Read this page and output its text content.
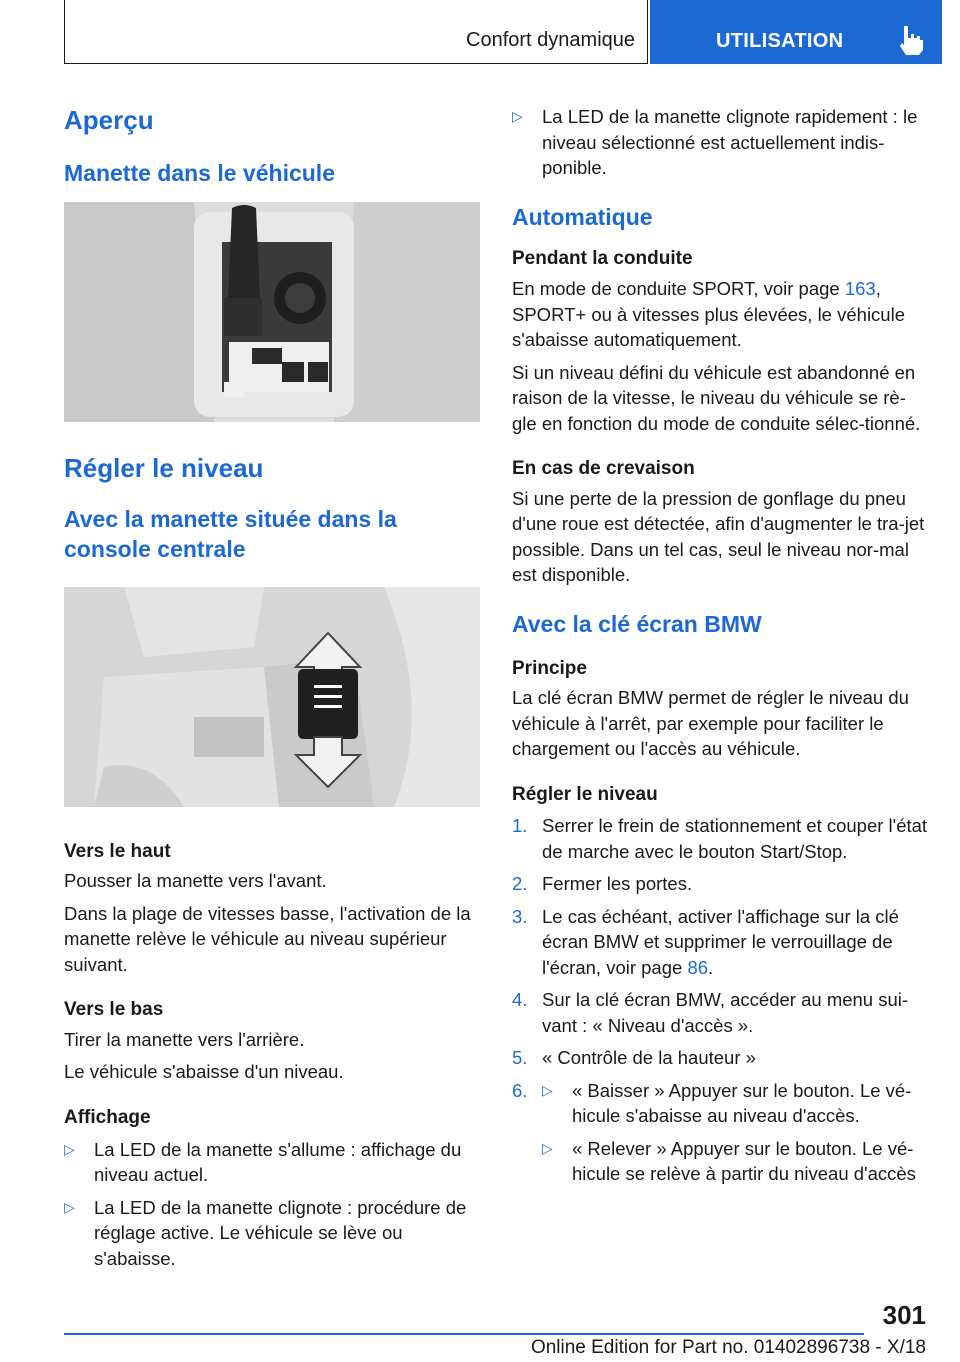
Confort dynamique	UTILISATION
Aperçu
Manette dans le véhicule
Régler le niveau
Avec la manette située dans la console centrale
Vers le haut

Pousser la manette vers l'avant.

Dans la plage de vitesses basse, l'activation de la manette relève le véhicule au niveau supérieur suivant.

Vers le bas

Tirer la manette vers l'arrière.

Le véhicule s'abaisse d'un niveau.

Affichage
▷ La LED de la manette s'allume : affichage du niveau actuel.
▷ La LED de la manette clignote : procédure de réglage active. Le véhicule se lève ou s'abaisse.
▷ La LED de la manette clignote rapidement : le niveau sélectionné est actuellement indis-ponible.
Automatique
Pendant la conduite

En mode de conduite SPORT, voir page 163, SPORT+ ou à vitesses plus élevées, le véhicule s'abaisse automatiquement.

Si un niveau défini du véhicule est abandonné en raison de la vitesse, le niveau du véhicule se rè-gle en fonction du mode de conduite sélec-tionné.

En cas de crevaison

Si une perte de la pression de gonflage du pneu d'une roue est détectée, afin d'augmenter le tra-jet possible. Dans un tel cas, seul le niveau nor-mal est disponible.

Avec la clé écran BMW
Principe

La clé écran BMW permet de régler le niveau du véhicule à l'arrêt, par exemple pour faciliter le chargement ou l'accès au véhicule.

Régler le niveau
1. Serrer le frein de stationnement et couper l'état de marche avec le bouton Start/Stop.
2. Fermer les portes.
3. Le cas échéant, activer l'affichage sur la clé écran BMW et supprimer le verrouillage de l'écran, voir page 86.
4. Sur la clé écran BMW, accéder au menu sui-vant : « Niveau d'accès ».
5. « Contrôle de la hauteur »
6. ▷ « Baisser » Appuyer sur le bouton. Le vé-hicule s'abaisse au niveau d'accès.
▷ « Relever » Appuyer sur le bouton. Le vé-hicule se relève à partir du niveau d'accès
301
Online Edition for Part no. 01402896738 - X/18
